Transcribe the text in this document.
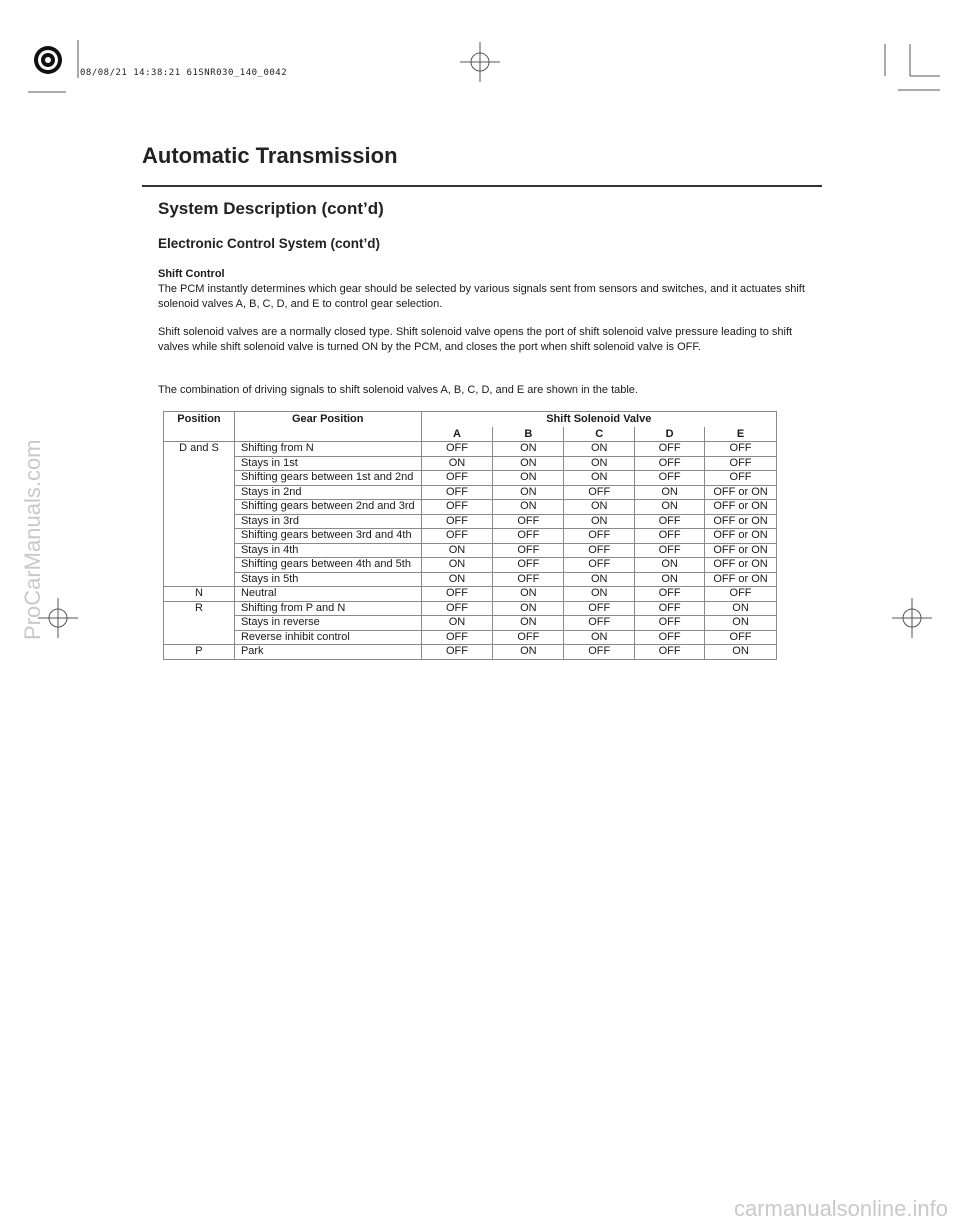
08/08/21 14:38:21 61SNR030_140_0042
ProCarManuals.com
carmanualsonline.info
Automatic Transmission
System Description (cont’d)
Electronic Control System (cont’d)
Shift Control
The PCM instantly determines which gear should be selected by various signals sent from sensors and switches, and it actuates shift solenoid valves A, B, C, D, and E to control gear selection.
Shift solenoid valves are a normally closed type. Shift solenoid valve opens the port of shift solenoid valve pressure leading to shift valves while shift solenoid valve is turned ON by the PCM, and closes the port when shift solenoid valve is OFF.
The combination of driving signals to shift solenoid valves A, B, C, D, and E are shown in the table.
Position	Gear Position	Shift Solenoid Valve				
		A	B	C	D	E
D and S	Shifting from N	OFF	ON	ON	OFF	OFF
	Stays in 1st	ON	ON	ON	OFF	OFF
	Shifting gears between 1st and 2nd	OFF	ON	ON	OFF	OFF
	Stays in 2nd	OFF	ON	OFF	ON	OFF or ON
	Shifting gears between 2nd and 3rd	OFF	ON	ON	ON	OFF or ON
	Stays in 3rd	OFF	OFF	ON	OFF	OFF or ON
	Shifting gears between 3rd and 4th	OFF	OFF	OFF	OFF	OFF or ON
	Stays in 4th	ON	OFF	OFF	OFF	OFF or ON
	Shifting gears between 4th and 5th	ON	OFF	OFF	ON	OFF or ON
	Stays in 5th	ON	OFF	ON	ON	OFF or ON
N	Neutral	OFF	ON	ON	OFF	OFF
R	Shifting from P and N	OFF	ON	OFF	OFF	ON
	Stays in reverse	ON	ON	OFF	OFF	ON
	Reverse inhibit control	OFF	OFF	ON	OFF	OFF
P	Park	OFF	ON	OFF	OFF	ON
